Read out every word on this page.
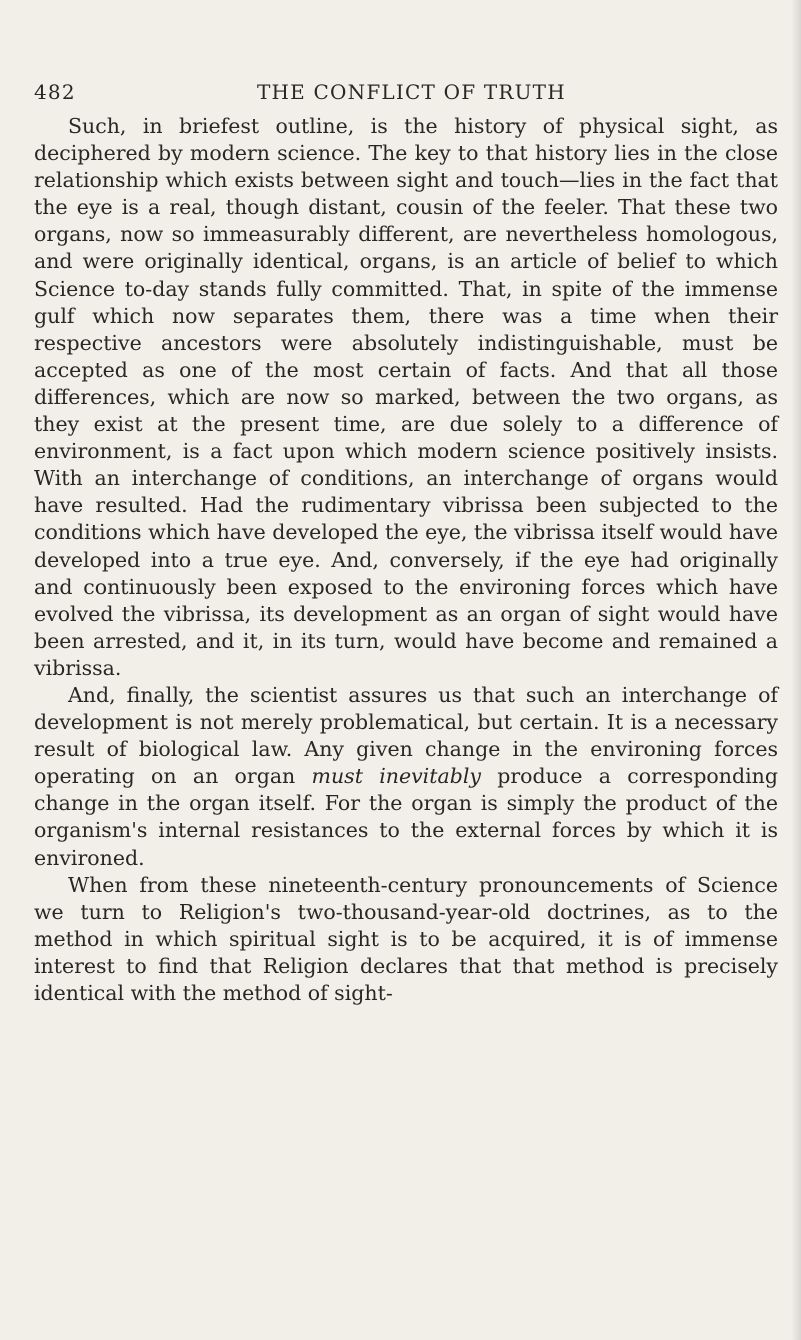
482	THE CONFLICT OF TRUTH

Such, in briefest outline, is the history of physical sight, as deciphered by modern science. The key to that history lies in the close relationship which exists between sight and touch—lies in the fact that the eye is a real, though distant, cousin of the feeler. That these two organs, now so immeasurably different, are nevertheless homologous, and were originally identical, organs, is an article of belief to which Science to-day stands fully committed. That, in spite of the immense gulf which now separates them, there was a time when their respective ancestors were absolutely indistinguishable, must be accepted as one of the most certain of facts. And that all those differences, which are now so marked, between the two organs, as they exist at the present time, are due solely to a difference of environment, is a fact upon which modern science positively insists. With an interchange of conditions, an interchange of organs would have resulted. Had the rudimentary vibrissa been subjected to the conditions which have developed the eye, the vibrissa itself would have developed into a true eye. And, conversely, if the eye had originally and continuously been exposed to the environing forces which have evolved the vibrissa, its development as an organ of sight would have been arrested, and it, in its turn, would have become and remained a vibrissa.

And, finally, the scientist assures us that such an interchange of development is not merely problematical, but certain. It is a necessary result of biological law. Any given change in the environing forces operating on an organ must inevitably produce a corresponding change in the organ itself. For the organ is simply the product of the organism's internal resistances to the external forces by which it is environed.

When from these nineteenth-century pronouncements of Science we turn to Religion's two-thousand-year-old doctrines, as to the method in which spiritual sight is to be acquired, it is of immense interest to find that Religion declares that that method is precisely identical with the method of sight-
